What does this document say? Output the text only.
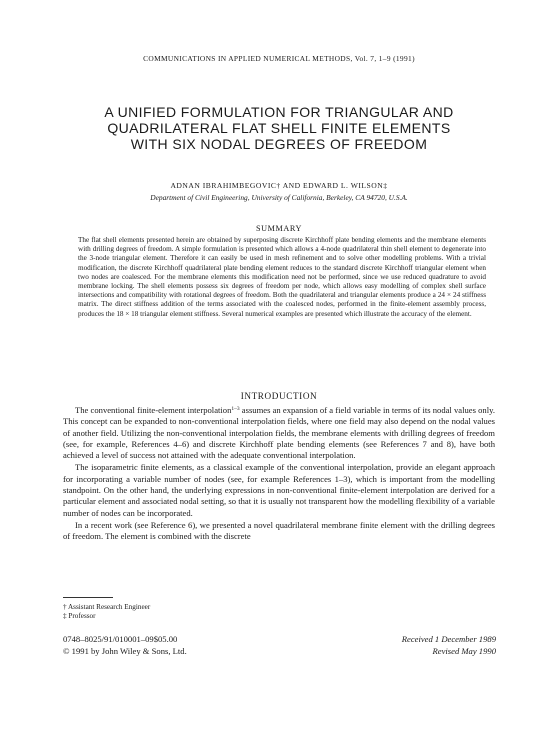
COMMUNICATIONS IN APPLIED NUMERICAL METHODS, Vol. 7, 1–9 (1991)
A UNIFIED FORMULATION FOR TRIANGULAR AND
QUADRILATERAL FLAT SHELL FINITE ELEMENTS
WITH SIX NODAL DEGREES OF FREEDOM
ADNAN IBRAHIMBEGOVIC† AND EDWARD L. WILSON‡
Department of Civil Engineering, University of California, Berkeley, CA 94720, U.S.A.
SUMMARY
The flat shell elements presented herein are obtained by superposing discrete Kirchhoff plate bending elements and the membrane elements with drilling degrees of freedom. A simple formulation is presented which allows a 4-node quadrilateral thin shell element to degenerate into the 3-node triangular element. Therefore it can easily be used in mesh refinement and to solve other modelling problems. With a trivial modification, the discrete Kirchhoff quadrilateral plate bending element reduces to the standard discrete Kirchhoff triangular element when two nodes are coalesced. For the membrane elements this modification need not be performed, since we use reduced quadrature to avoid membrane locking. The shell elements possess six degrees of freedom per node, which allows easy modelling of complex shell surface intersections and compatibility with rotational degrees of freedom. Both the quadrilateral and triangular elements produce a 24 × 24 stiffness matrix. The direct stiffness addition of the terms associated with the coalesced nodes, performed in the finite-element assembly process, produces the 18 × 18 triangular element stiffness. Several numerical examples are presented which illustrate the accuracy of the element.
INTRODUCTION

The conventional finite-element interpolation$^{1-3}$ assumes an expansion of a field variable in terms of its nodal values only. This concept can be expanded to non-conventional interpolation fields, where one field may also depend on the nodal values of another field. Utilizing the non-conventional interpolation fields, the membrane elements with drilling degrees of freedom (see, for example, References 4–6) and discrete Kirchhoff plate bending elements (see References 7 and 8), have both achieved a level of success not attained with the adequate conventional interpolation.

The isoparametric finite elements, as a classical example of the conventional interpolation, provide an elegant approach for incorporating a variable number of nodes (see, for example References 1–3), which is important from the modelling standpoint. On the other hand, the underlying expressions in non-conventional finite-element interpolation are derived for a particular element and associated nodal setting, so that it is usually not transparent how the modelling flexibility of a variable number of nodes can be incorporated.

In a recent work (see Reference 6), we presented a novel quadrilateral membrane finite element with the drilling degrees of freedom. The element is combined with the discrete

† Assistant Research Engineer
‡ Professor
0748–8025/91/010001–09$05.00
© 1991 by John Wiley & Sons, Ltd.
Received 1 December 1989
Revised May 1990
